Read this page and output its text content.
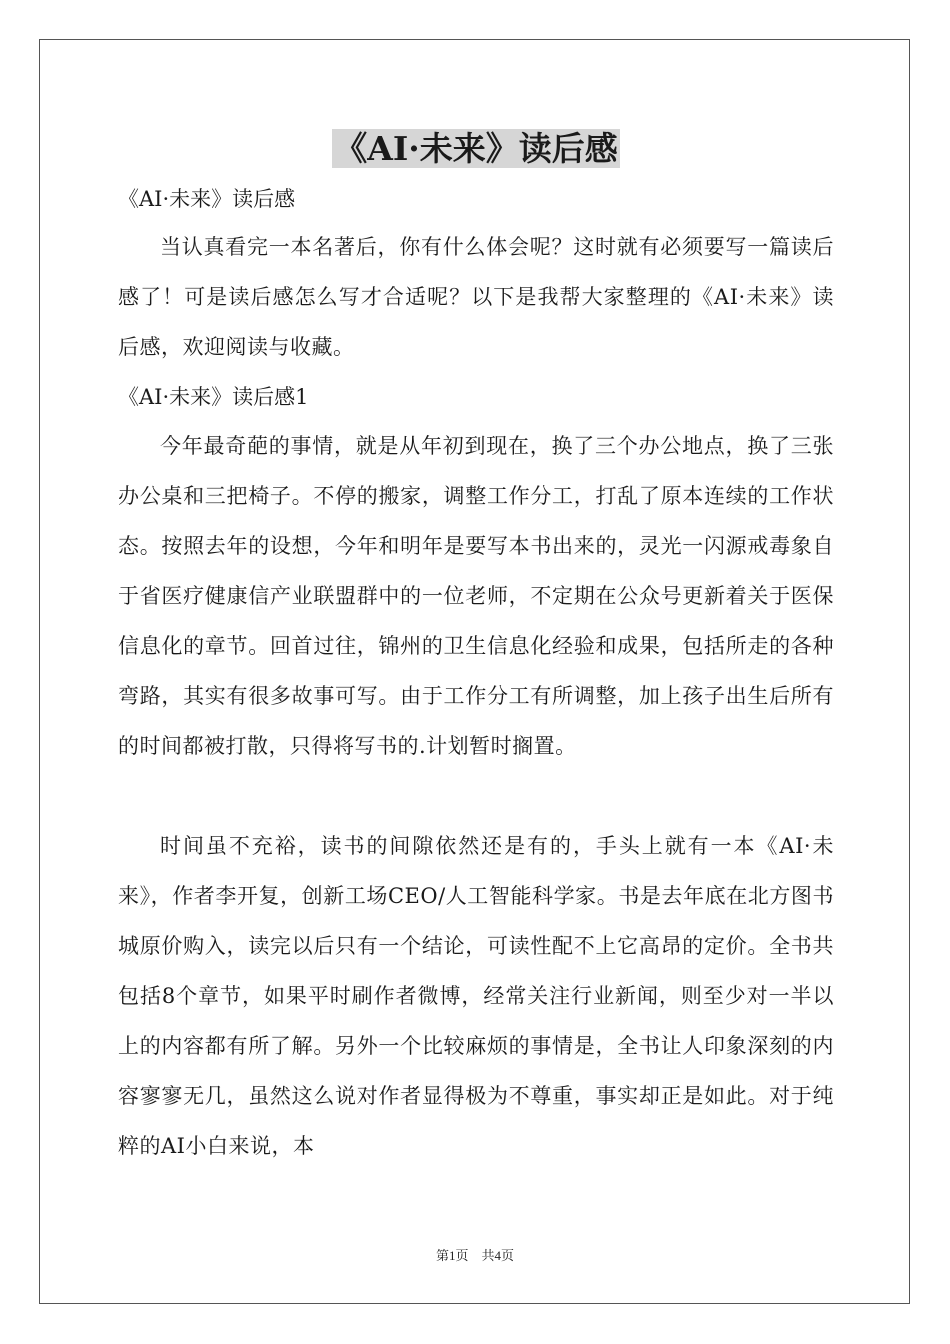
《AI·未来》读后感
《AI·未来》读后感
当认真看完一本名著后，你有什么体会呢？这时就有必须要写一篇读后感了！可是读后感怎么写才合适呢？以下是我帮大家整理的《AI·未来》读后感，欢迎阅读与收藏。
《AI·未来》读后感1
今年最奇葩的事情，就是从年初到现在，换了三个办公地点，换了三张办公桌和三把椅子。不停的搬家，调整工作分工，打乱了原本连续的工作状态。按照去年的设想，今年和明年是要写本书出来的，灵光一闪源戒毒象自于省医疗健康信产业联盟群中的一位老师，不定期在公众号更新着关于医保信息化的章节。回首过往，锦州的卫生信息化经验和成果，包括所走的各种弯路，其实有很多故事可写。由于工作分工有所调整，加上孩子出生后所有的时间都被打散，只得将写书的.计划暂时搁置。
时间虽不充裕，读书的间隙依然还是有的，手头上就有一本《AI·未来》，作者李开复，创新工场CEO/人工智能科学家。书是去年底在北方图书城原价购入，读完以后只有一个结论，可读性配不上它高昂的定价。全书共包括8个章节，如果平时刷作者微博，经常关注行业新闻，则至少对一半以上的内容都有所了解。另外一个比较麻烦的事情是，全书让人印象深刻的内容寥寥无几，虽然这么说对作者显得极为不尊重，事实却正是如此。对于纯粹的AI小白来说，本
第1页　共4页
